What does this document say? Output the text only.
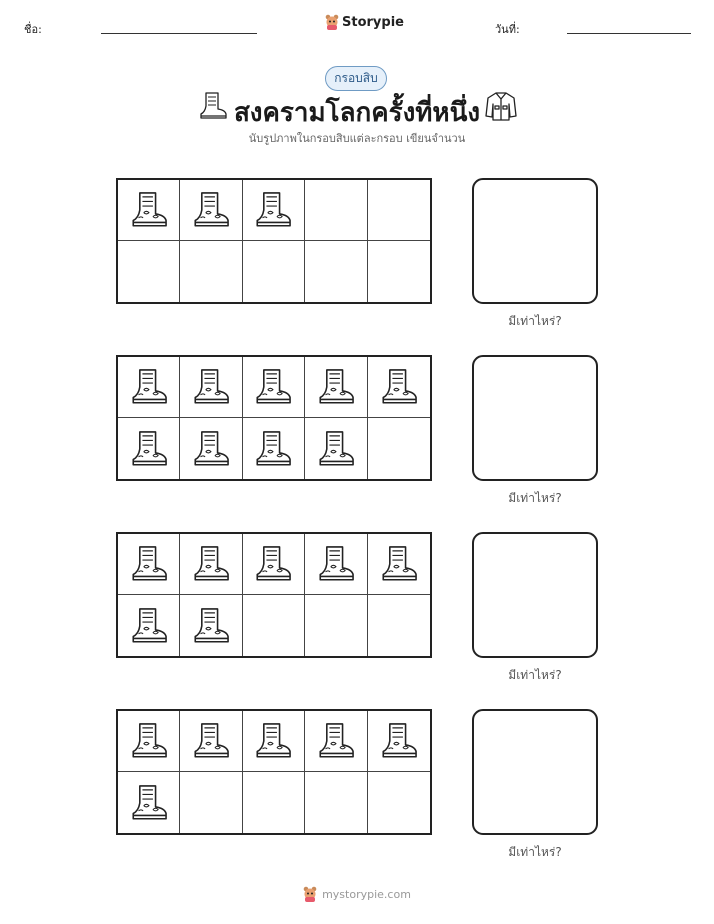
ชื่อ:	Storypie	วันที่:
กรอบสิบ
สงครามโลกครั้งที่หนึ่ง
นับรูปภาพในกรอบสิบแต่ละกรอบ เขียนจำนวน
มีเท่าไหร่?
มีเท่าไหร่?
มีเท่าไหร่?
มีเท่าไหร่?
mystorypie.com
